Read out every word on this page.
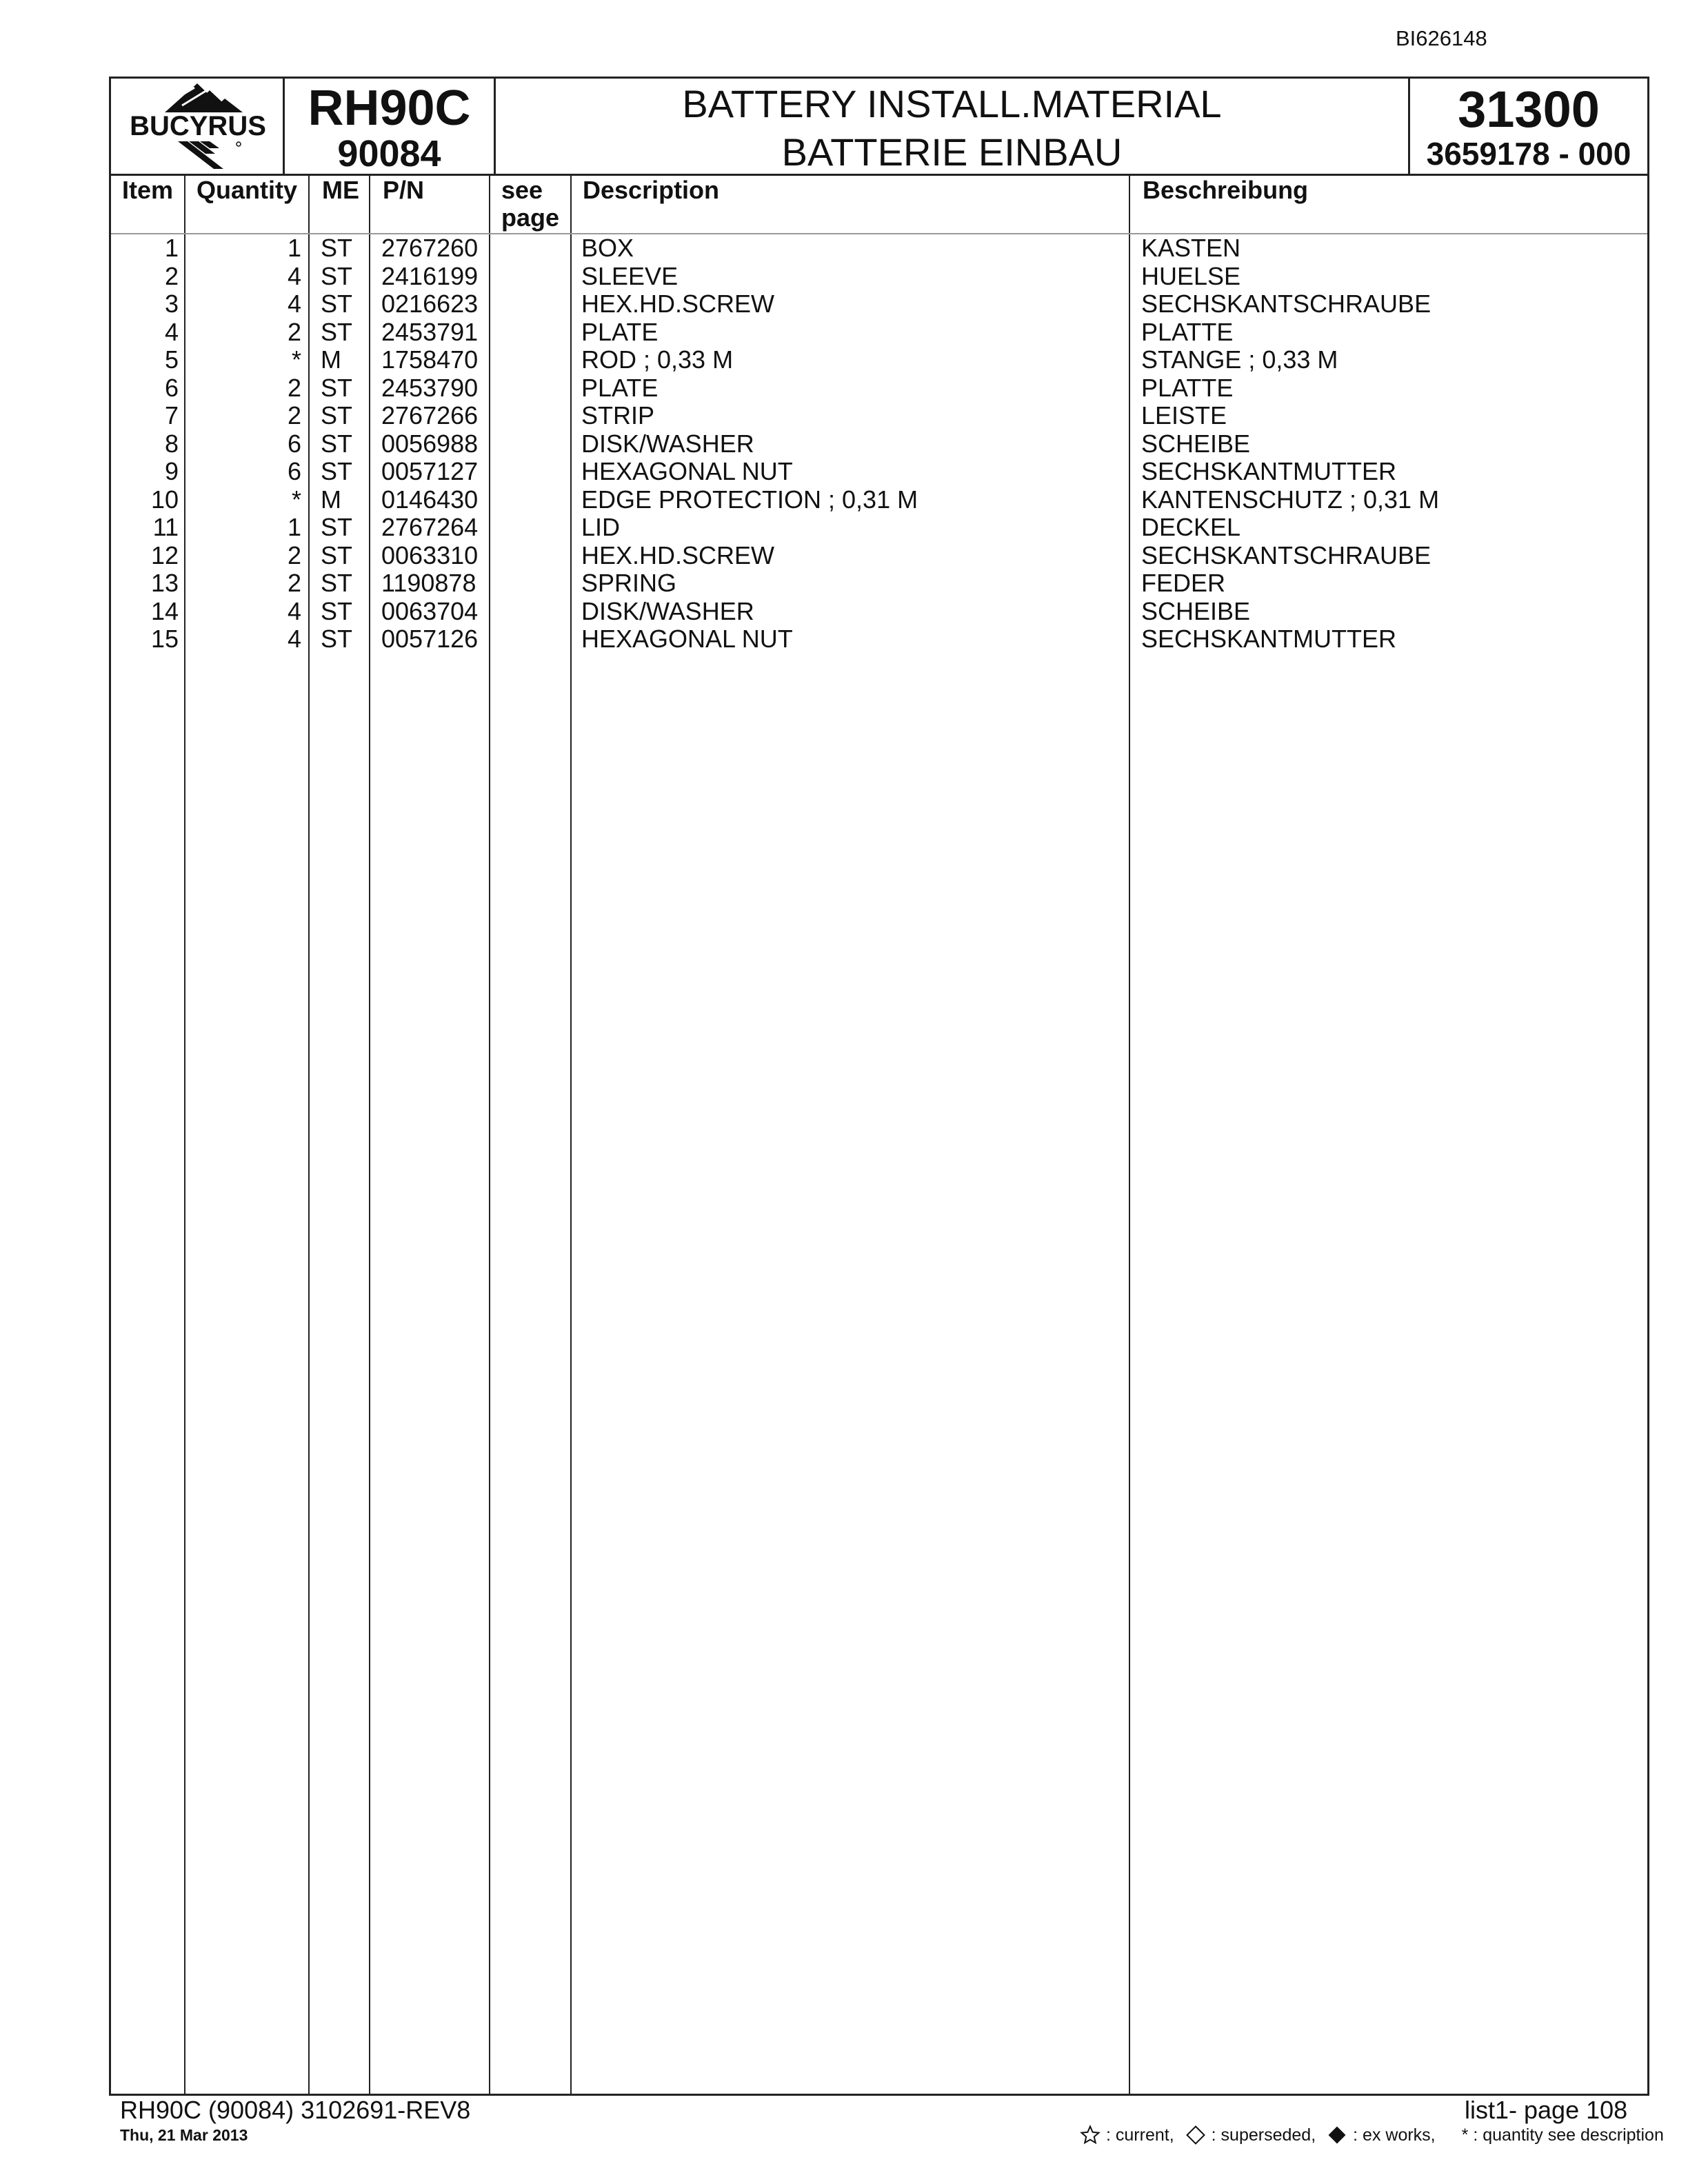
BI626148
BUCYRUS RH90C
90084
BATTERY INSTALL.MATERIAL
BATTERIE EINBAU
31300
3659178 - 000
Item Quantity ME P/N	see
page
Description	Beschreibung
1	1 ST 2767260	BOX	KASTEN
2	4 ST 2416199	SLEEVE	HUELSE
3	4 ST 0216623	HEX.HD.SCREW	SECHSKANTSCHRAUBE
4	2 ST 2453791	PLATE	PLATTE
5	* M 1758470	ROD ; 0,33 M	STANGE ; 0,33 M
6	2 ST 2453790	PLATE	PLATTE
7	2 ST 2767266	STRIP	LEISTE
8	6 ST 0056988	DISK/WASHER	SCHEIBE
9	6 ST 0057127	HEXAGONAL NUT	SECHSKANTMUTTER
10	* M 0146430	EDGE PROTECTION ; 0,31 M	KANTENSCHUTZ ; 0,31 M
11	1 ST 2767264	LID	DECKEL
12	2 ST 0063310	HEX.HD.SCREW	SECHSKANTSCHRAUBE
13	2 ST 1190878	SPRING	FEDER
14	4 ST 0063704	DISK/WASHER	SCHEIBE
15	4 ST 0057126	HEXAGONAL NUT	SECHSKANTMUTTER
RH90C (90084) 3102691-REV8
Thu, 21 Mar 2013
list1- page 108
: current, : superseded, : ex works, * : quantity see description
